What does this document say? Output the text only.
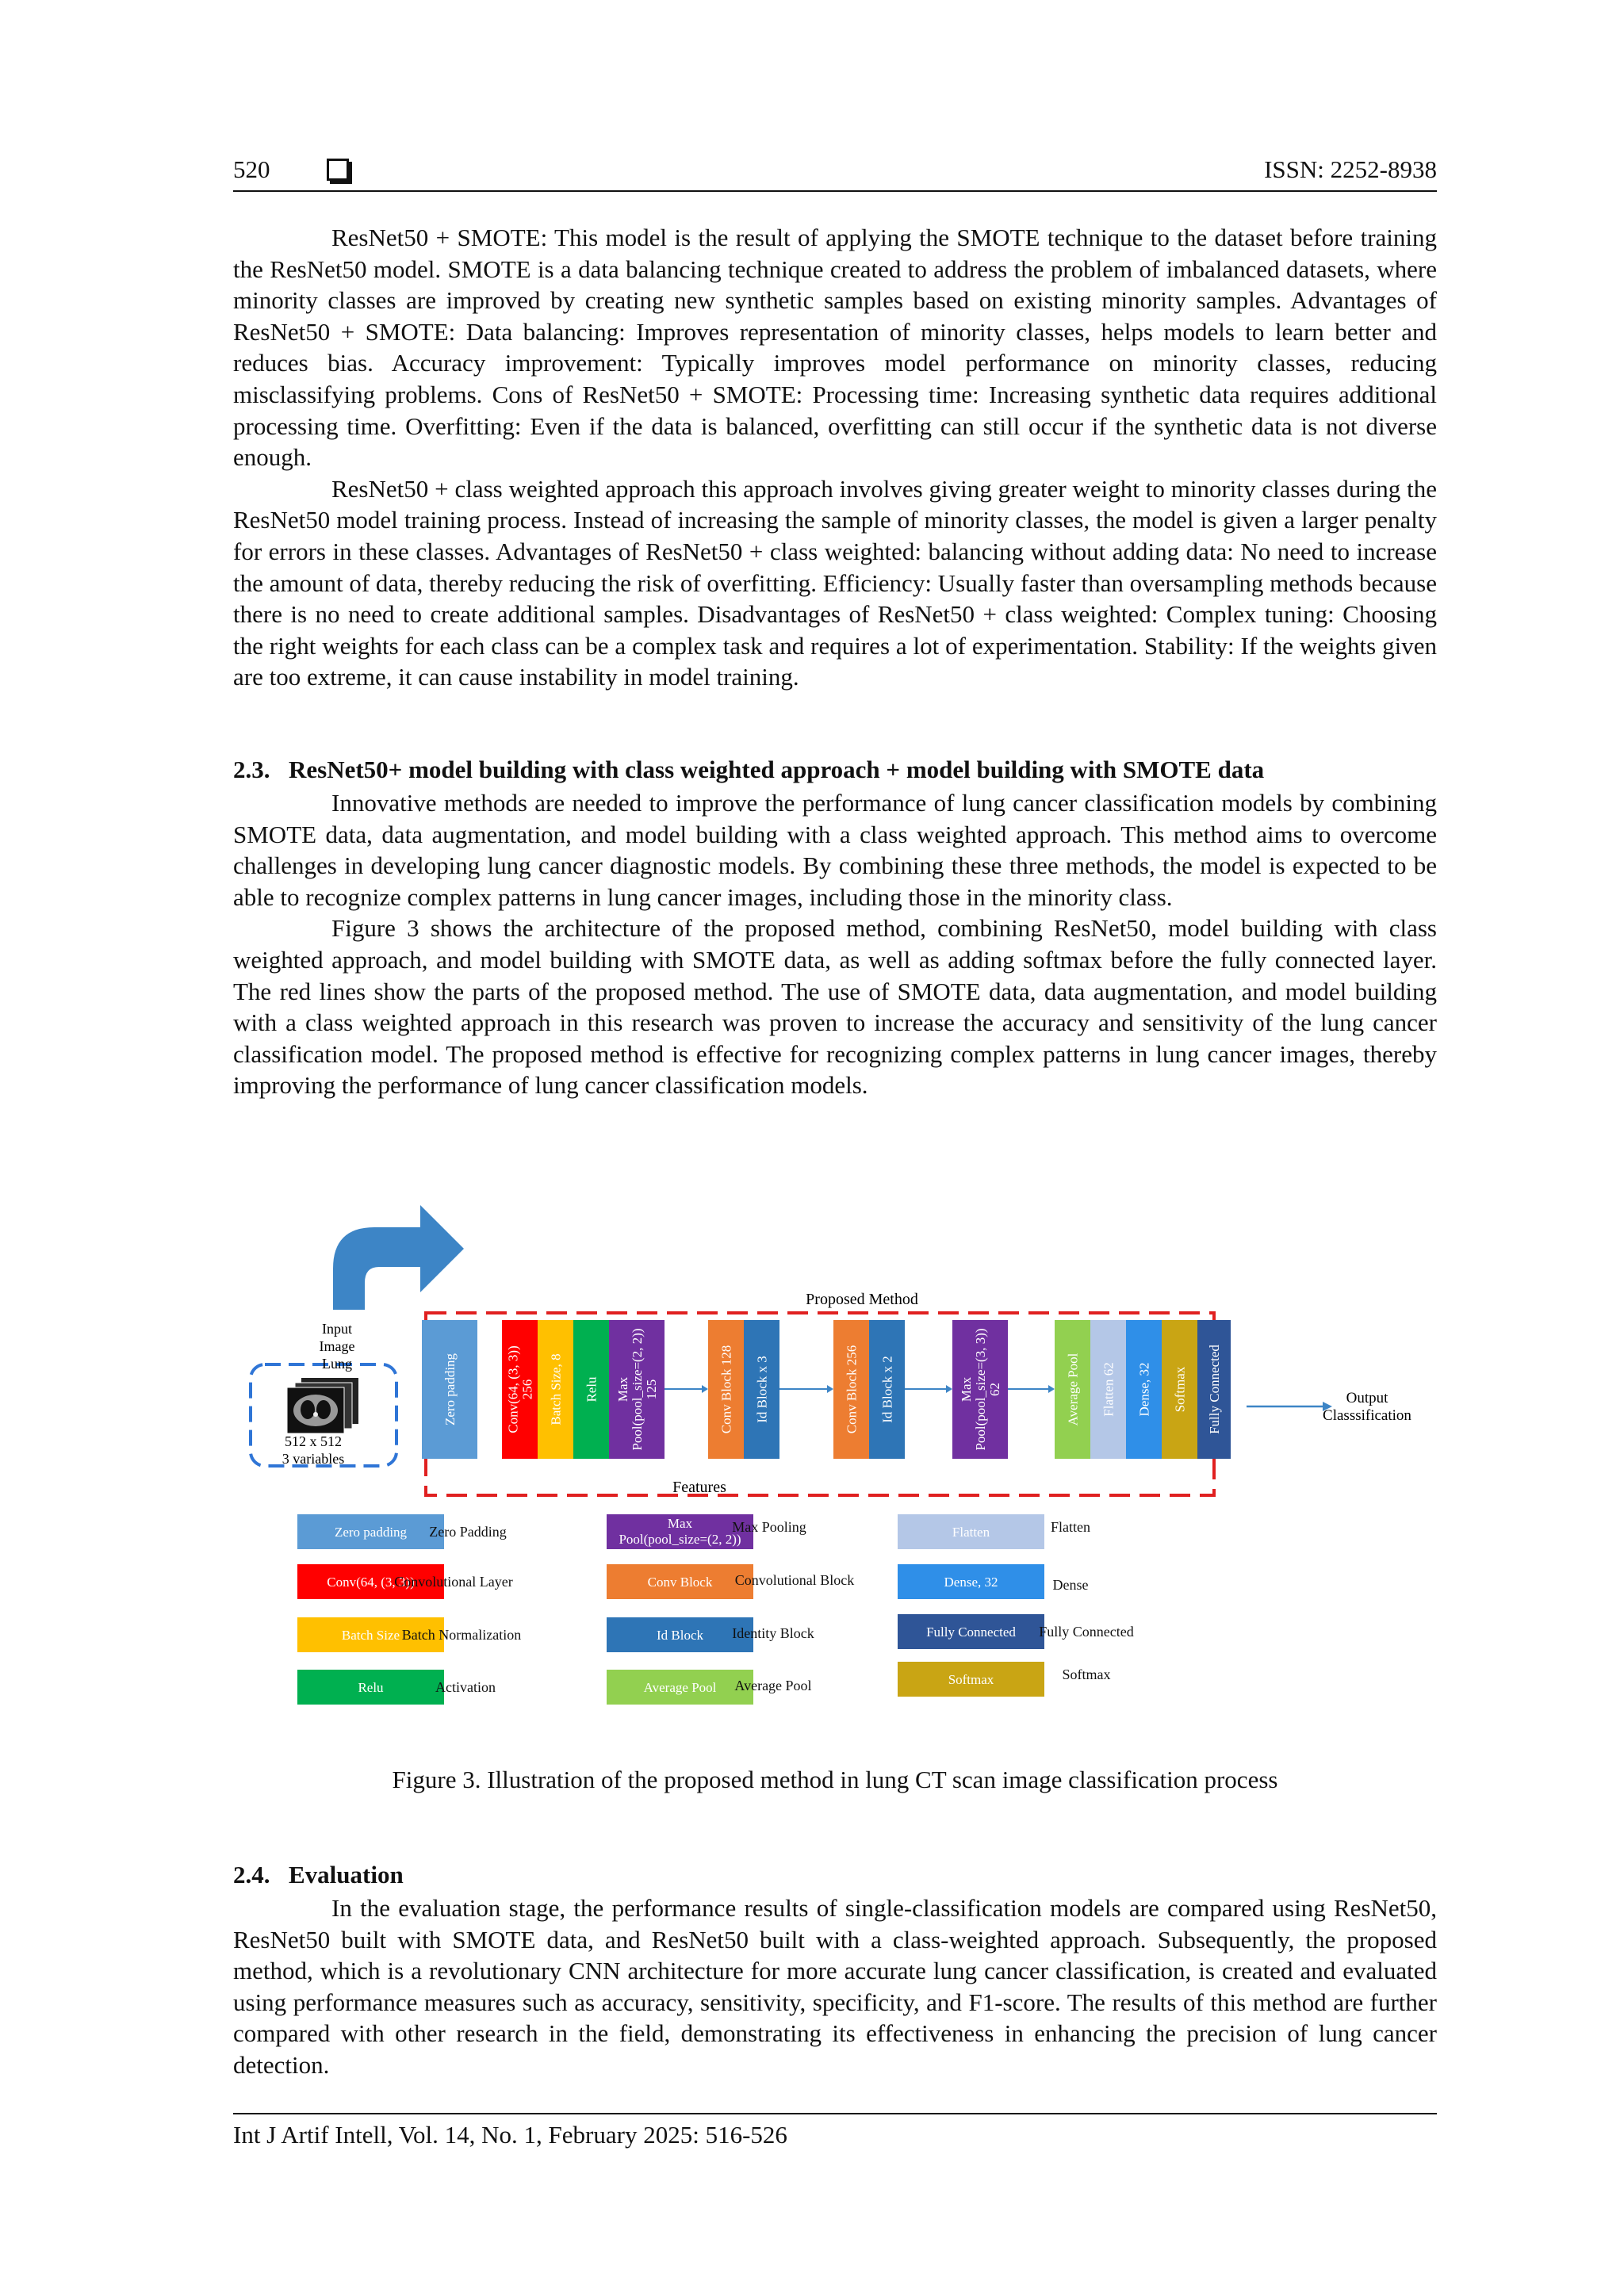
520	ISSN: 2252-8938

ResNet50 + SMOTE: This model is the result of applying the SMOTE technique to the dataset before training the ResNet50 model. SMOTE is a data balancing technique created to address the problem of imbalanced datasets, where minority classes are improved by creating new synthetic samples based on existing minority samples. Advantages of ResNet50 + SMOTE: Data balancing: Improves representation of minority classes, helps models to learn better and reduces bias. Accuracy improvement: Typically improves model performance on minority classes, reducing misclassifying problems. Cons of ResNet50 + SMOTE: Processing time: Increasing synthetic data requires additional processing time. Overfitting: Even if the data is balanced, overfitting can still occur if the synthetic data is not diverse enough.

ResNet50 + class weighted approach this approach involves giving greater weight to minority classes during the ResNet50 model training process. Instead of increasing the sample of minority classes, the model is given a larger penalty for errors in these classes. Advantages of ResNet50 + class weighted: balancing without adding data: No need to increase the amount of data, thereby reducing the risk of overfitting. Efficiency: Usually faster than oversampling methods because there is no need to create additional samples. Disadvantages of ResNet50 + class weighted: Complex tuning: Choosing the right weights for each class can be a complex task and requires a lot of experimentation. Stability: If the weights given are too extreme, it can cause instability in model training.

2.3. ResNet50+ model building with class weighted approach + model building with SMOTE data

Innovative methods are needed to improve the performance of lung cancer classification models by combining SMOTE data, data augmentation, and model building with a class weighted approach. This method aims to overcome challenges in developing lung cancer diagnostic models. By combining these three methods, the model is expected to be able to recognize complex patterns in lung cancer images, including those in the minority class.

Figure 3 shows the architecture of the proposed method, combining ResNet50, model building with class weighted approach, and model building with SMOTE data, as well as adding softmax before the fully connected layer. The red lines show the parts of the proposed method. The use of SMOTE data, data augmentation, and model building with a class weighted approach in this research was proven to increase the accuracy and sensitivity of the lung cancer classification model. The proposed method is effective for recognizing complex patterns in lung cancer images, thereby improving the performance of lung cancer classification models.

Proposed Method
Features
Input
Image
Lung
512 x 512
3 variables
Zero padding	Conv(64, (3, 3))256 Batch Size, 8 Relu MaxPool(pool_size=(2, 2))125	Conv Block 128 Id Block x 3	Conv Block 256 Id Block x 2	MaxPool(pool_size=(3, 3))62	Average Pool Flatten 62 Dense, 32 Softmax Fully Connected	Output
Classsification
Zero padding Zero Padding
Conv(64, (3, 3))
Convolutional Layer
Batch Size Batch Normalization
Relu	Activation
Max Pool(pool_size=(2, 2))
Max Pooling
Conv Block Convolutional Block
Id Block Identity Block
Average Pool Average Pool
Flatten	Flatten
Dense, 32	Dense
Fully Connected Fully Connected
Softmax	Softmax
Figure 3. Illustration of the proposed method in lung CT scan image classification process
2.4. Evaluation

In the evaluation stage, the performance results of single-classification models are compared using ResNet50, ResNet50 built with SMOTE data, and ResNet50 built with a class-weighted approach. Subsequently, the proposed method, which is a revolutionary CNN architecture for more accurate lung cancer classification, is created and evaluated using performance measures such as accuracy, sensitivity, specificity, and F1-score. The results of this method are further compared with other research in the field, demonstrating its effectiveness in enhancing the precision of lung cancer detection.

Int J Artif Intell, Vol. 14, No. 1, February 2025: 516-526
